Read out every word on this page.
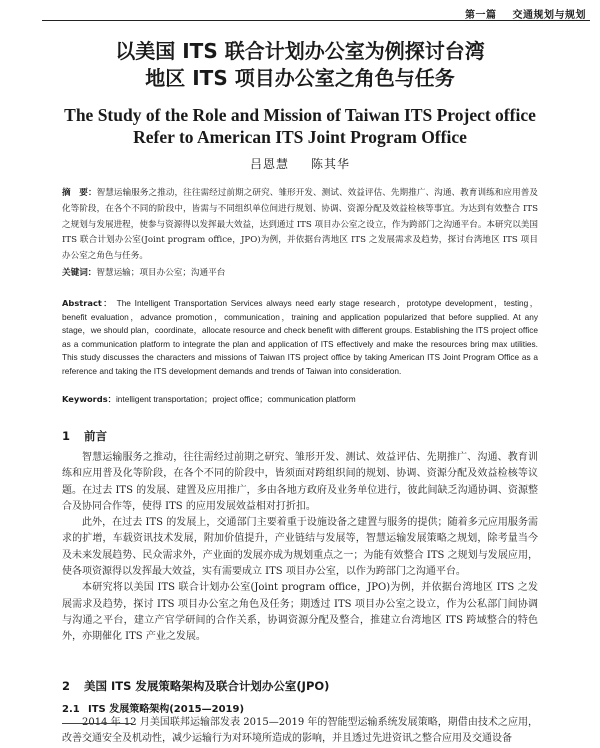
第一篇 交通规划与规划
以美国 ITS 联合计划办公室为例探讨台湾
地区 ITS 项目办公室之角色与任务
The Study of the Role and Mission of Taiwan ITS Project office
Refer to American ITS Joint Program Office
吕恩慧 陈其华
摘　要：智慧运输服务之推动，往往需经过前期之研究、雏形开发、测试、效益评估、先期推广、沟通、教育训练和应用普及化等阶段，在各个不同的阶段中，皆需与不同组织单位间进行规划、协调、资源分配及效益检核等事宜。为达到有效整合 ITS 之规划与发展进程，使参与资源得以发挥最大效益，达到通过 ITS 项目办公室之设立，作为跨部门之沟通平台。本研究以美国 ITS 联合计划办公室(Joint program office，JPO)为例，并依据台湾地区 ITS 之发展需求及趋势，探讨台湾地区 ITS 项目办公室之角色与任务。
关键词：智慧运输；项目办公室；沟通平台
Abstract： The Intelligent Transportation Services always need early stage research，prototype development，testing，benefit evaluation，advance promotion，communication，training and application popularized that before supplied. At any stage，we should plan，coordinate，allocate resource and check benefit with different groups. Establishing the ITS project office as a communication platform to integrate the plan and application of ITS effectively and make the resources bring max utilities. This study discusses the characters and missions of Taiwan ITS project office by taking American ITS Joint Program Office as a reference and taking the ITS development demands and trends of Taiwan into consideration.
Keywords：intelligent transportation；project office；communication platform
1 前言

智慧运输服务之推动，往往需经过前期之研究、雏形开发、测试、效益评估、先期推广、沟通、教育训练和应用普及化等阶段，在各个不同的阶段中，皆须面对跨组织间的规划、协调、资源分配及效益检核等议题。在过去 ITS 的发展、建置及应用推广，多由各地方政府及业务单位进行，彼此间缺乏沟通协调、资源整合及协同合作等，使得 ITS 的应用发展效益相对打折扣。

此外，在过去 ITS 的发展上，交通部门主要着重于设施设备之建置与服务的提供；随着多元应用服务需求的扩增，车载资讯技术发展，附加价值提升，产业链结与发展等，智慧运输发展策略之规划，除考量当今及未来发展趋势、民众需求外，产业面的发展亦成为规划重点之一；为能有效整合 ITS 之规划与发展应用，使各项资源得以发挥最大效益，实有需要成立 ITS 项目办公室，以作为跨部门之沟通平台。

本研究将以美国 ITS 联合计划办公室(Joint program office，JPO)为例，并依据台湾地区 ITS 之发展需求及趋势，探讨 ITS 项目办公室之角色及任务；期透过 ITS 项目办公室之设立，作为公私部门间协调与沟通之平台，建立产官学研间的合作关系，协调资源分配及整合，推建立台湾地区 ITS 跨域整合的特色外，亦期催化 ITS 产业之发展。

2 美国 ITS 发展策略架构及联合计划办公室(JPO)
2.1 ITS 发展策略架构(2015—2019)

2014 年 12 月美国联邦运输部发表 2015—2019 年的智能型运输系统发展策略，期借由技术之应用，改善交通安全及机动性，减少运输行为对环境所造成的影响，并且透过先进资讯之整合应用及交通设备
